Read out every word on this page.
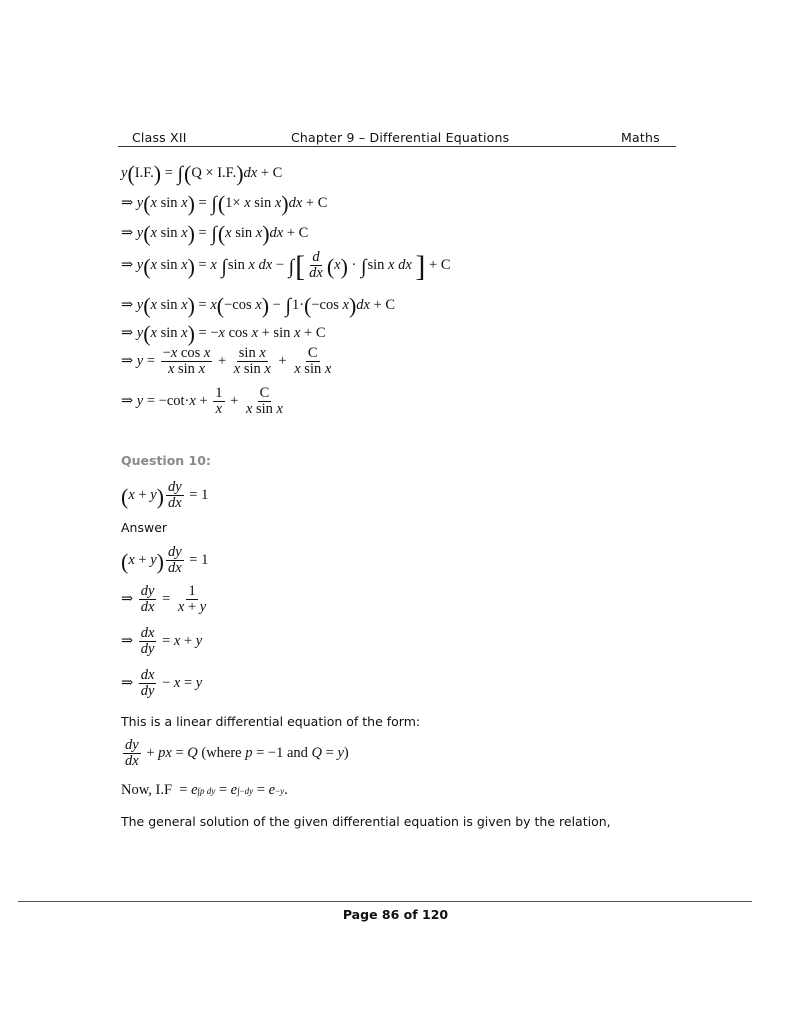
Class XII	Chapter 9 – Differential Equations	Maths
y ( I.F. ) = ∫ ( Q × I.F. ) dx + C
⇒ y ( x sin x ) = ∫ ( 1× x sin x ) dx + C
⇒ y ( x sin x ) = ∫ ( x sin x ) dx + C
⇒ y ( x sin x ) = x
∫ sin x
dx − ∫ [ $\frac{d}{dx}$ ( x ) · ∫ sin x
dx
] + C
⇒ y ( x sin x ) = x ( −cos x ) − ∫ 1· ( −cos x ) dx + C
⇒ y ( x sin x ) = − x cos x + sin x + C
⇒ $y = \frac{\text{−x cos x}}{\text{x sin x}} + \frac{\text{sin x}}{\text{x sin x}} + \frac{C}{\text{x sin x}}$
⇒ $y = -\cot\cdot x + \frac{1}{x} + \frac{C}{\text{x sin x}}$
Question 10:
( x + y ) $\frac{dy}{dx} = 1$
Answer
( x + y ) $\frac{dy}{dx} = 1$
⇒ $\frac{dy}{dx} = \frac{1}{x + y}$
⇒ $\frac{dx}{dy} = x + y$
⇒ $\frac{dx}{dy} - x = y$
This is a linear differential equation of the form:
$\frac{dy}{dx}$ + px = Q (where p = −1 and Q = y )
Now, I.F  = e ∫p dy = e ∫−dy = e −y .
The general solution of the given differential equation is given by the relation,
Page 86 of 120
